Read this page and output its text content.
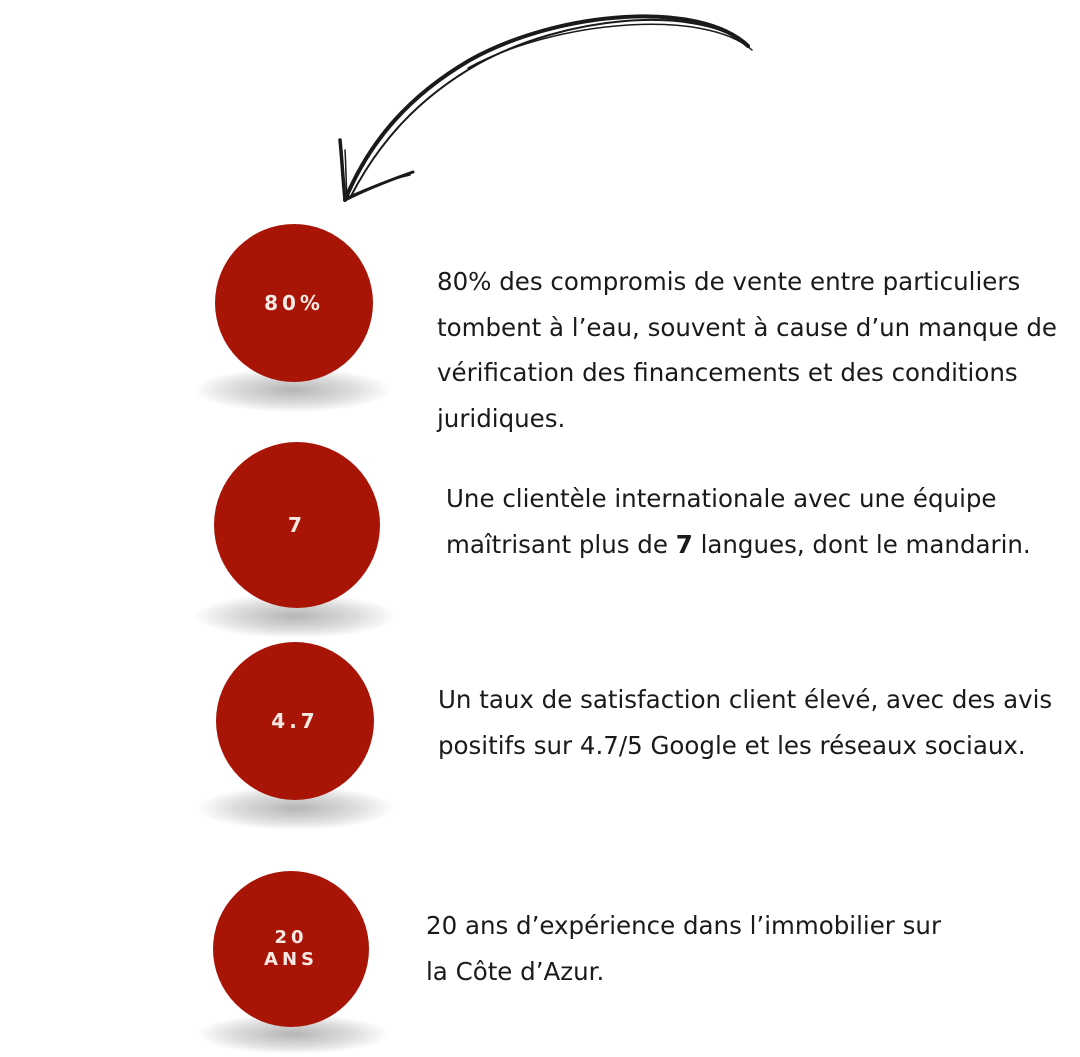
80%

80% des compromis de vente entre particuliers tombent à l’eau, souvent à cause d’un manque de vérification des financements et des conditions juridiques.

7

Une clientèle internationale avec une équipe maîtrisant plus de 7 langues, dont le mandarin.

4.7

Un taux de satisfaction client élevé, avec des avis positifs sur 4.7/5 Google et les réseaux sociaux.

20
ANS

20 ans d’expérience dans l’immobilier sur la Côte d’Azur.
